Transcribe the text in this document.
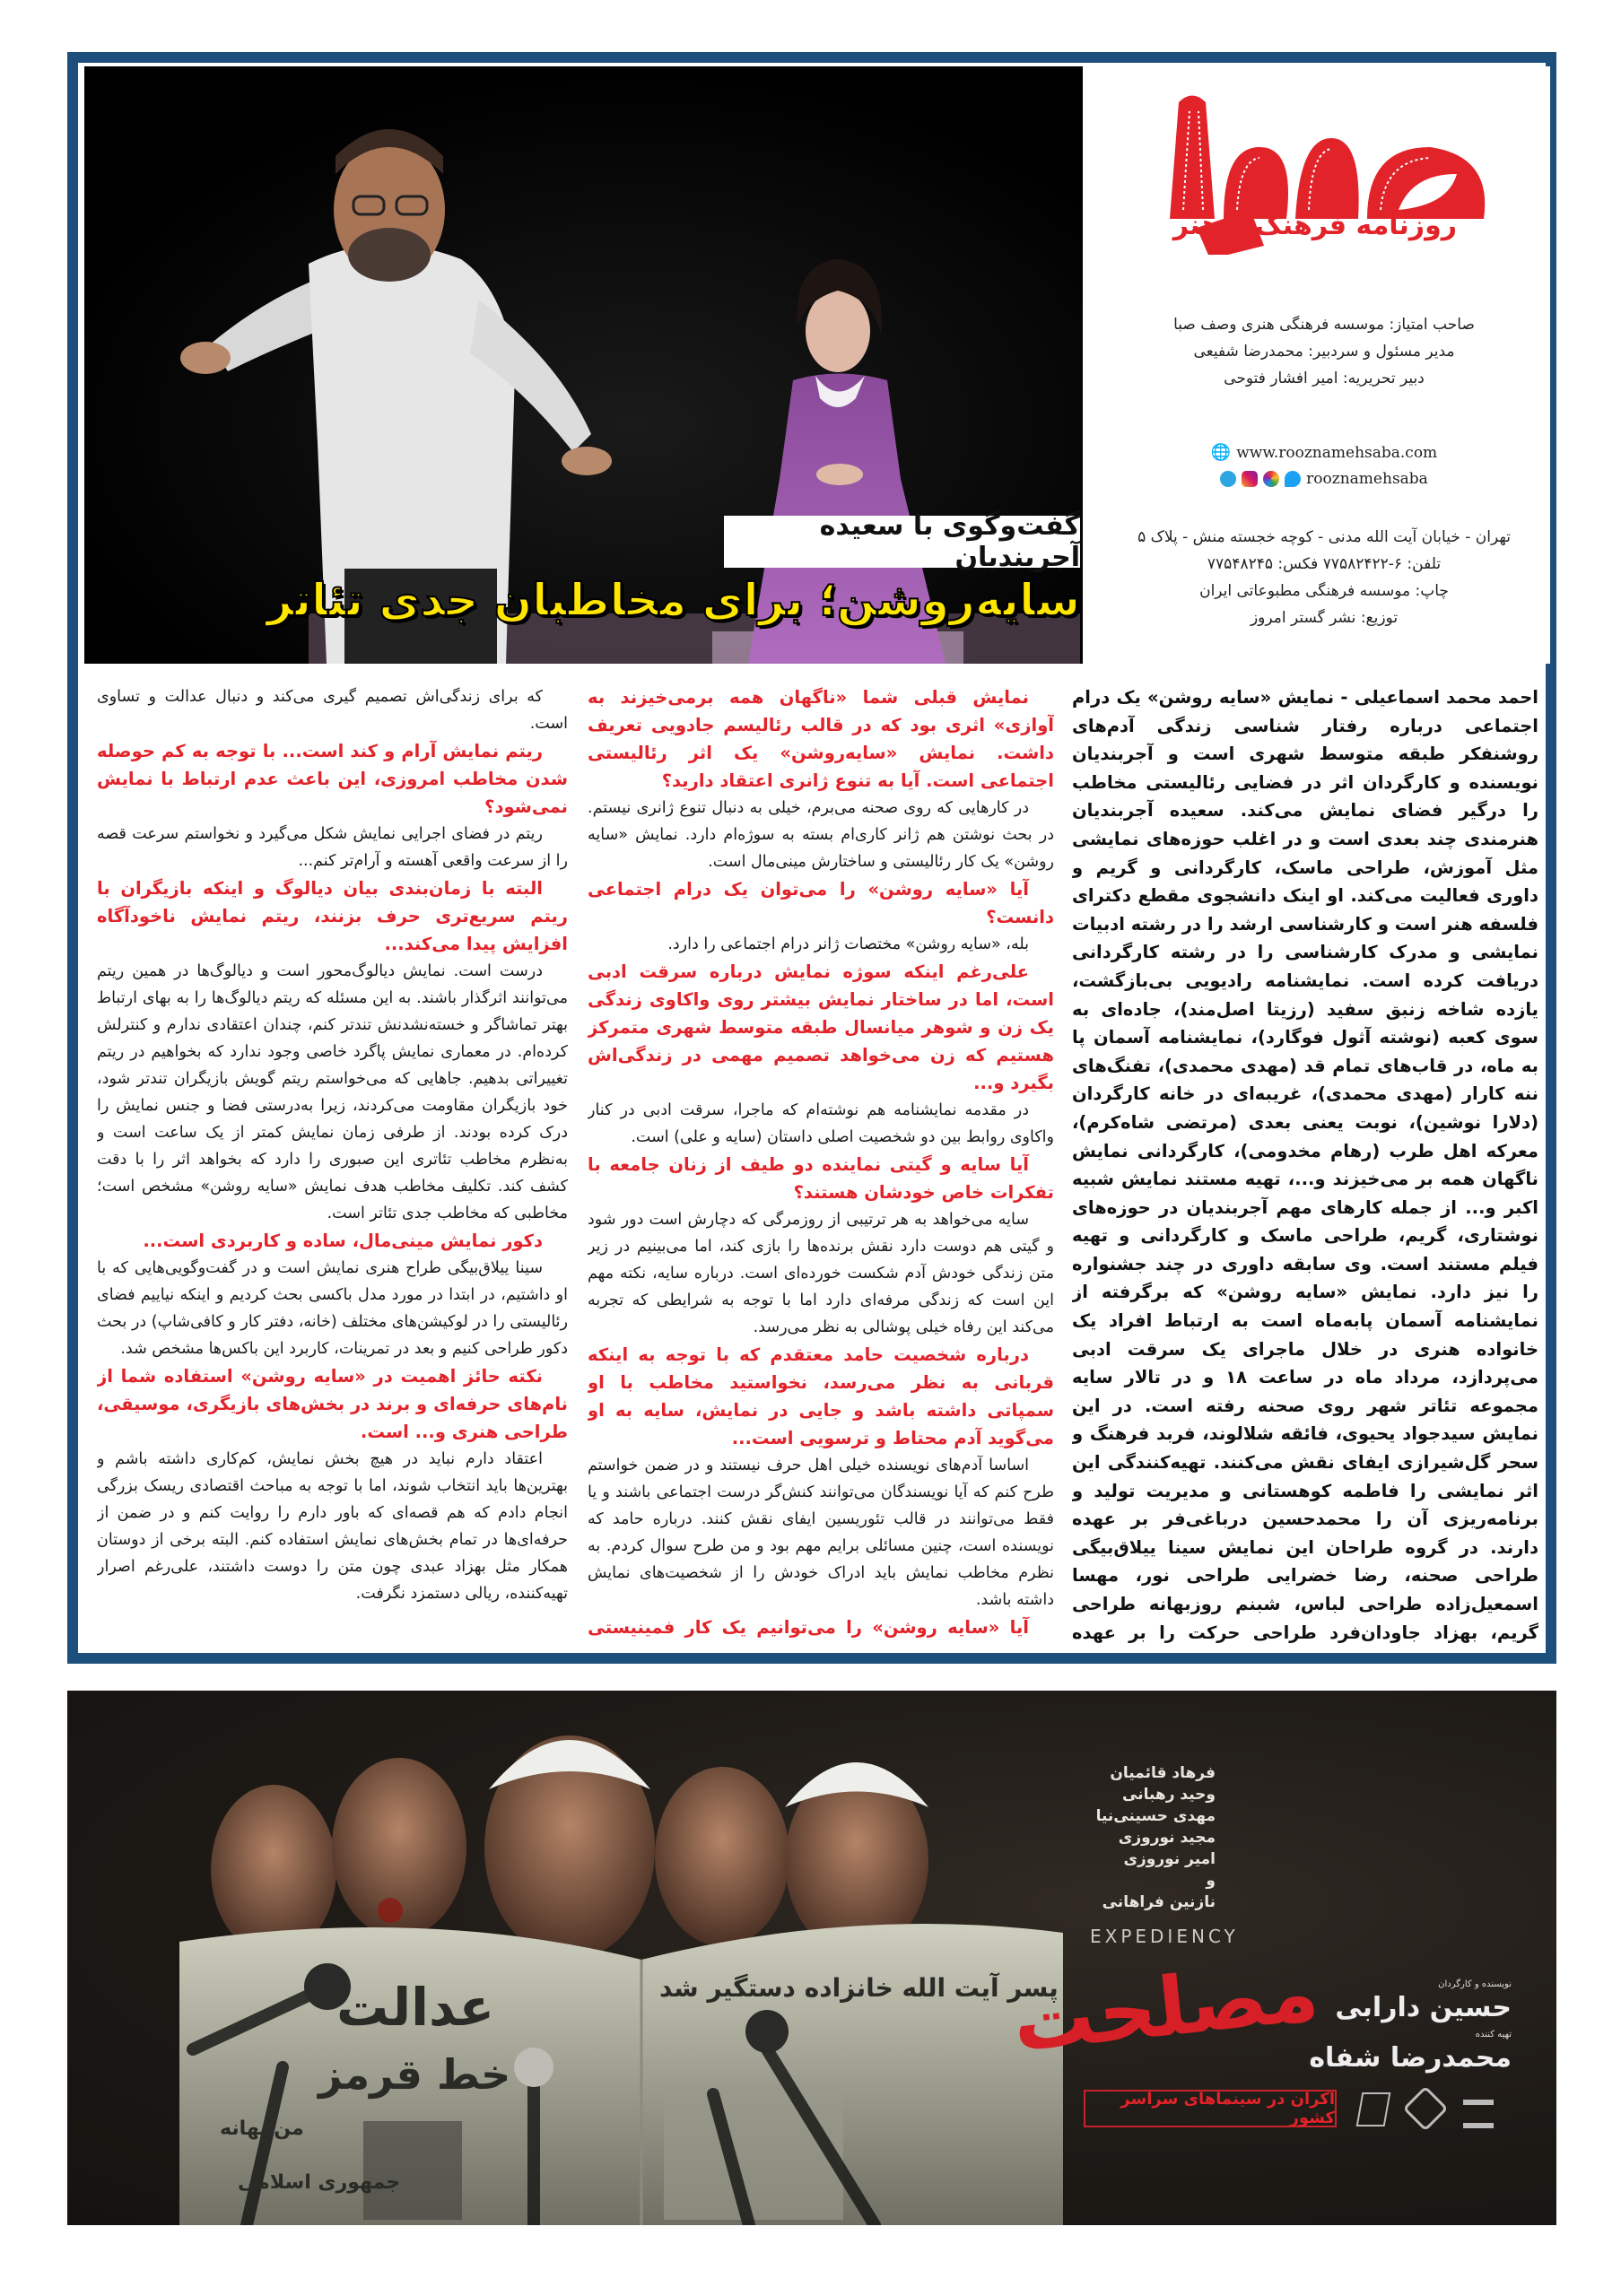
گفت‌وگوی با سعیده آجربندیان
سایه‌روشن؛ برای مخاطبان جدی تئاتر
روزنامه فرهنگ و هنر
صاحب امتیاز: موسسه فرهنگی هنری وصف صبا
مدیر مسئول و سردبیر: محمدرضا شفیعی
دبیر تحریریه: امیر افشار فتوحی
🌐 www.rooznamehsaba.com
rooznamehsaba
تهران - خیابان آیت الله مدنی - کوچه خجسته منش - پلاک ۵
تلفن: ۶-۷۷۵۸۲۴۲۲ فکس: ۷۷۵۴۸۲۴۵
چاپ: موسسه فرهنگی مطبوعاتی ایران
توزیع: نشر گستر امروز

احمد محمد اسماعیلی - نمایش «سایه روشن» یک درام اجتماعی درباره رفتار شناسی زندگی آدم‌های روشنفکر طبقه متوسط شهری است و آجربندیان نویسنده و کارگردان اثر در فضایی رئالیستی مخاطب را درگیر فضای نمایش می‌کند. سعیده آجربندیان هنرمندی چند بعدی است و در اغلب حوزه‌های نمایشی مثل آموزش، طراحی ماسک، کارگردانی و گریم و داوری فعالیت می‌کند. او اینک دانشجوی مقطع دکترای فلسفه هنر است و کارشناسی ارشد را در رشته ادبیات نمایشی و مدرک کارشناسی را در رشته کارگردانی دریافت کرده است. نمایشنامه رادیویی بی‌بازگشت، یازده شاخه زنبق سفید (رزیتا اصل‌مند)، جاده‌ای به سوی کعبه (نوشته آثول فوگارد)، نمایشنامه آسمان پا به ماه، در قاب‌های تمام قد (مهدی محمدی)، تفنگ‌های ننه کارار (مهدی محمدی)، غریبه‌ای در خانه کارگردان (دلارا نوشین)، نوبت یعنی بعدی (مرتضی شاه‌کرم)، معرکه اهل طرب (رهام مخدومی)، کارگردانی نمایش ناگهان همه بر می‌خیزند و...، تهیه مستند نمایش شبیه اکبر و... از جمله کارهای مهم آجربندیان در حوزه‌های نوشتاری، گریم، طراحی ماسک و کارگردانی و تهیه فیلم مستند است. وی سابقه داوری در چند جشنواره را نیز دارد. نمایش «سایه روشن» که برگرفته از نمایشنامه آسمان پابه‌ماه است به ارتباط افراد یک خانواده هنری در خلال ماجرای یک سرقت ادبی می‌پردازد، مرداد ماه در ساعت ۱۸ و در تالار سایه مجموعه تئاتر شهر روی صحنه رفته است. در این نمایش سیدجواد یحیوی، فائقه شلالوند، فربد فرهنگ و سحر گل‌شیرازی ایفای نقش می‌کنند. تهیه‌کنندگی این اثر نمایشی را فاطمه کوهستانی و مدیریت تولید و برنامه‌ریزی آن را محمدحسین درباغی‌فر بر عهده دارند. در گروه طراحان این نمایش سینا ییلاق‌بیگی طراحی صحنه، رضا خضرایی طراحی نور، مهسا اسمعیل‌زاده طراحی لباس، شبنم روزبهانه طراحی گریم، بهزاد جاودان‌فرد طراحی حرکت را بر عهده

نمایش قبلی شما «ناگهان همه برمی‌خیزند به آوازی» اثری بود که در قالب رئالیسم جادویی تعریف داشت. نمایش «سایه‌روشن» یک اثر رئالیستی اجتماعی است. آیا به تنوع ژانری اعتقاد دارید؟

در کارهایی که روی صحنه می‌برم، خیلی به دنبال تنوع ژانری نیستم. در بحث نوشتن هم ژانر کاری‌ام بسته به سوژه‌ام دارد. نمایش «سایه روشن» یک کار رئالیستی و ساختارش مینی‌مال است.

آیا «سایه روشن» را می‌توان یک درام اجتماعی دانست؟

بله، «سایه روشن» مختصات ژانر درام اجتماعی را دارد.

علی‌رغم اینکه سوژه نمایش درباره سرقت ادبی است، اما در ساختار نمایش بیشتر روی واکاوی زندگی یک زن و شوهر میانسال طبقه متوسط شهری متمرکز هستیم که زن می‌خواهد تصمیم مهمی در زندگی‌اش بگیرد و...

در مقدمه نمایشنامه هم نوشته‌ام که ماجرا، سرقت ادبی در کنار واکاوی روابط بین دو شخصیت اصلی داستان (سایه و علی) است.

آیا سایه و گیتی نماینده دو طیف از زنان جامعه با تفکرات خاص خودشان هستند؟

سایه می‌خواهد به هر ترتیبی از روزمرگی که دچارش است دور شود و گیتی هم دوست دارد نقش برنده‌ها را بازی کند، اما می‌بینیم در زیر متن زندگی خودش آدم شکست خورده‌ای است. درباره سایه، نکته مهم این است که زندگی مرفه‌ای دارد اما با توجه به شرایطی که تجربه می‌کند این رفاه خیلی پوشالی به نظر می‌رسد.

درباره شخصیت حامد معتقدم که با توجه به اینکه قربانی به نظر می‌رسد، نخواستید مخاطب با او سمپاتی داشته باشد و جایی در نمایش، سایه به او می‌گوید آدم محتاط و ترسویی است...

اساسا آدم‌های نویسنده خیلی اهل حرف نیستند و در ضمن خواستم طرح کنم که آیا نویسندگان می‌توانند کنش‌گر درست اجتماعی باشند و یا فقط می‌توانند در قالب تئوریسین ایفای نقش کنند. درباره حامد که نویسنده است، چنین مسائلی برایم مهم بود و من طرح سوال کردم. به نظرم مخاطب نمایش باید ادراک خودش را از شخصیت‌های نمایش داشته باشد.

آیا «سایه روشن» را می‌توانیم یک کار فمینیستی

که برای زندگی‌اش تصمیم گیری می‌کند و دنبال عدالت و تساوی است.

ریتم نمایش آرام و کند است... با توجه به کم حوصله شدن مخاطب امروزی، این باعث عدم ارتباط با نمایش نمی‌شود؟

ریتم در فضای اجرایی نمایش شکل می‌گیرد و نخواستم سرعت قصه را از سرعت واقعی آهسته و آرام‌تر کنم...

البته با زمان‌بندی بیان دیالوگ و اینکه بازیگران با ریتم سریع‌تری حرف بزنند، ریتم نمایش ناخودآگاه افزایش پیدا می‌کند...

درست است. نمایش دیالوگ‌محور است و دیالوگ‌ها در همین ریتم می‌توانند اثرگذار باشند. به این مسئله که ریتم دیالوگ‌ها را به بهای ارتباط بهتر تماشاگر و خسته‌نشدنش تندتر کنم، چندان اعتقادی ندارم و کنترلش کرده‌ام. در معماری نمایش پاگرد خاصی وجود ندارد که بخواهیم در ریتم تغییراتی بدهیم. جاهایی که می‌خواستم ریتم گویش بازیگران تندتر شود، خود بازیگران مقاومت می‌کردند، زیرا به‌درستی فضا و جنس نمایش را درک کرده بودند. از طرفی زمان نمایش کمتر از یک ساعت است و به‌نظرم مخاطب تئاتری این صبوری را دارد که بخواهد اثر را با دقت کشف کند. تکلیف مخاطب هدف نمایش «سایه روشن» مشخص است؛ مخاطبی که مخاطب جدی تئاتر است.

دکور نمایش مینی‌مال، ساده و کاربردی است...

سینا ییلاق‌بیگی طراح هنری نمایش است و در گفت‌وگویی‌هایی که با او داشتیم، در ابتدا در مورد مدل باکسی بحث کردیم و اینکه نیاییم فضای رئالیستی را در لوکیشن‌های مختلف (خانه، دفتر کار و کافی‌شاپ) در بحث دکور طراحی کنیم و بعد در تمرینات، کاربرد این باکس‌ها مشخص شد.

نکته حائز اهمیت در «سایه روشن» استفاده شما از نام‌های حرفه‌ای و برند در بخش‌های بازیگری، موسیقی، طراحی هنری و... است.

اعتقاد دارم نباید در هیچ بخش نمایش، کم‌کاری داشته باشم و بهترین‌ها باید انتخاب شوند، اما با توجه به مباحث اقتصادی ریسک بزرگی انجام دادم که هم قصه‌ای که باور دارم را روایت کنم و در ضمن از حرفه‌ای‌ها در تمام بخش‌های نمایش استفاده کنم. البته برخی از دوستان همکار مثل بهزاد عبدی چون متن را دوست داشتند، علی‌رغم اصرار تهیه‌کننده، ریالی دستمزد نگرفت.

پسر آیت الله خانزاده دستگیر شد
عدالت
خط قرمز
من بهانه
جمهوری اسلامی
فرهاد قائمیان
وحید رهبانی
مهدی حسینی‌نیا
مجید نوروزی
امیر نوروزی
و
نازنین فراهانی
EXPEDIENCY
مصلحت	نویسنده و کارگردان
حسین دارابی
تهیه کننده
محمدرضا شفاه
اکران در سینماهای سراسر کشور
